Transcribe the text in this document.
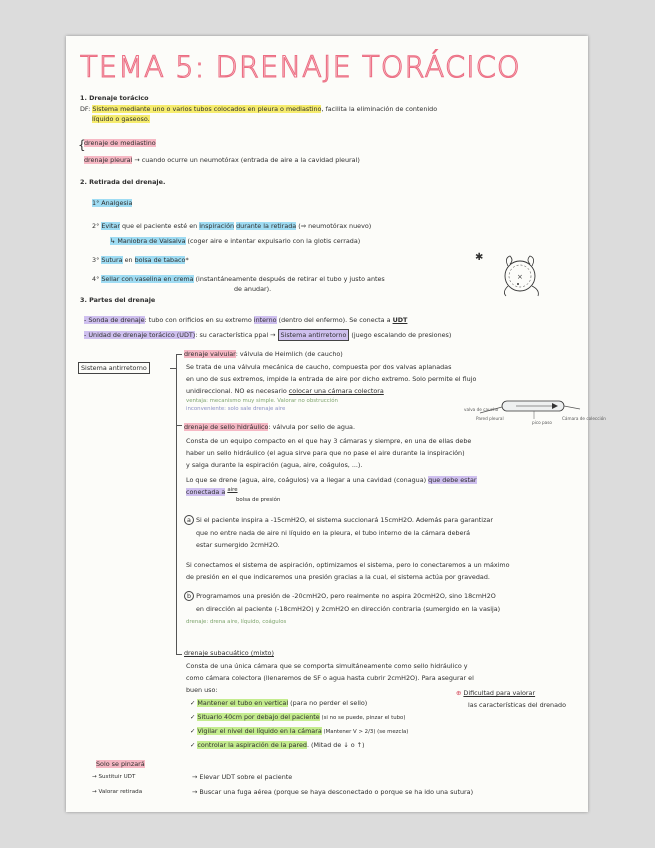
TEMA 5: DRENAJE TORÁCICO
1. Drenaje torácico
DF: Sistema mediante uno o varios tubos colocados en pleura o mediastino, facilita la eliminación de contenido
líquido o gaseoso.
{
drenaje de mediastino
drenaje pleural → cuando ocurre un neumotórax (entrada de aire a la cavidad pleural)
2. Retirada del drenaje.
1° Analgesia
2° Evitar que el paciente esté en inspiración durante la retirada (⇒ neumotórax nuevo)
↳ Maniobra de Valsalva (coger aire e intentar expulsarlo con la glotis cerrada)
3° Sutura en bolsa de tabaco*
4° Sellar con vaselina en crema (instantáneamente después de retirar el tubo y justo antes
de anudar).
×
✱
3. Partes del drenaje
- Sonda de drenaje: tubo con orificios en su extremo interno (dentro del enfermo). Se conecta a UDT
- Unidad de drenaje torácico (UDT): su característica ppal → Sistema antirretorno (juego escalando de presiones)
Sistema antirretorno
drenaje valvular: válvula de Heimlich (de caucho)
Se trata de una válvula mecánica de caucho, compuesta por dos valvas aplanadas
en uno de sus extremos, impide la entrada de aire por dicho extremo. Solo permite el flujo
unidireccional. NO es necesario colocar una cámara colectora
ventaja: mecanismo muy simple. Valorar no obstrucción
inconveniente: solo sale drenaje aire	valva de caucho
Pared pleural
pico paso
Cámara de colección
drenaje de sello hidráulico: válvula por sello de agua.
Consta de un equipo compacto en el que hay 3 cámaras y siempre, en una de ellas debe
haber un sello hidráulico (el agua sirve para que no pase el aire durante la inspiración)
y salga durante la espiración (agua, aire, coágulos, ...).
Lo que se drene (agua, aire, coágulos) va a llegar a una cavidad (conagua) que debe estar
conectada a $^{aire}$
bolsa de presión
a Si el paciente inspira a -15cmH2O, el sistema succionará 15cmH2O. Además para garantizar
que no entre nada de aire ni líquido en la pleura, el tubo interno de la cámara deberá
estar sumergido 2cmH2O.
Si conectamos el sistema de aspiración, optimizamos el sistema, pero lo conectaremos a un máximo
de presión en el que indicaremos una presión gracias a la cual, el sistema actúa por gravedad.
b Programamos una presión de -20cmH2O, pero realmente no aspira 20cmH2O, sino 18cmH2O
en dirección al paciente (-18cmH2O) y 2cmH2O en dirección contraria (sumergido en la vasija)
drenaje: drena aire, líquido, coágulos
drenaje subacuático (mixto)
Consta de una única cámara que se comporta simultáneamente como sello hidráulico y
como cámara colectora (llenaremos de SF o agua hasta cubrir 2cmH2O). Para asegurar el
buen uso:
✓ Mantener el tubo en vertical (para no perder el sello)
✓ Situarlo 40cm por debajo del paciente (si no se puede, pinzar el tubo)
✓ Vigilar el nivel del líquido en la cámara (Mantener V > 2/3) (se mezcla)
✓ controlar la aspiración de la pared. (Mitad de ↓ o ↑)
⊕ Dificultad para valorar
las características del drenado
Solo se pinzará
→ Sustituir UDT	→ Elevar UDT sobre el paciente
→ Valorar retirada	→ Buscar una fuga aérea (porque se haya desconectado o porque se ha ido una sutura)
